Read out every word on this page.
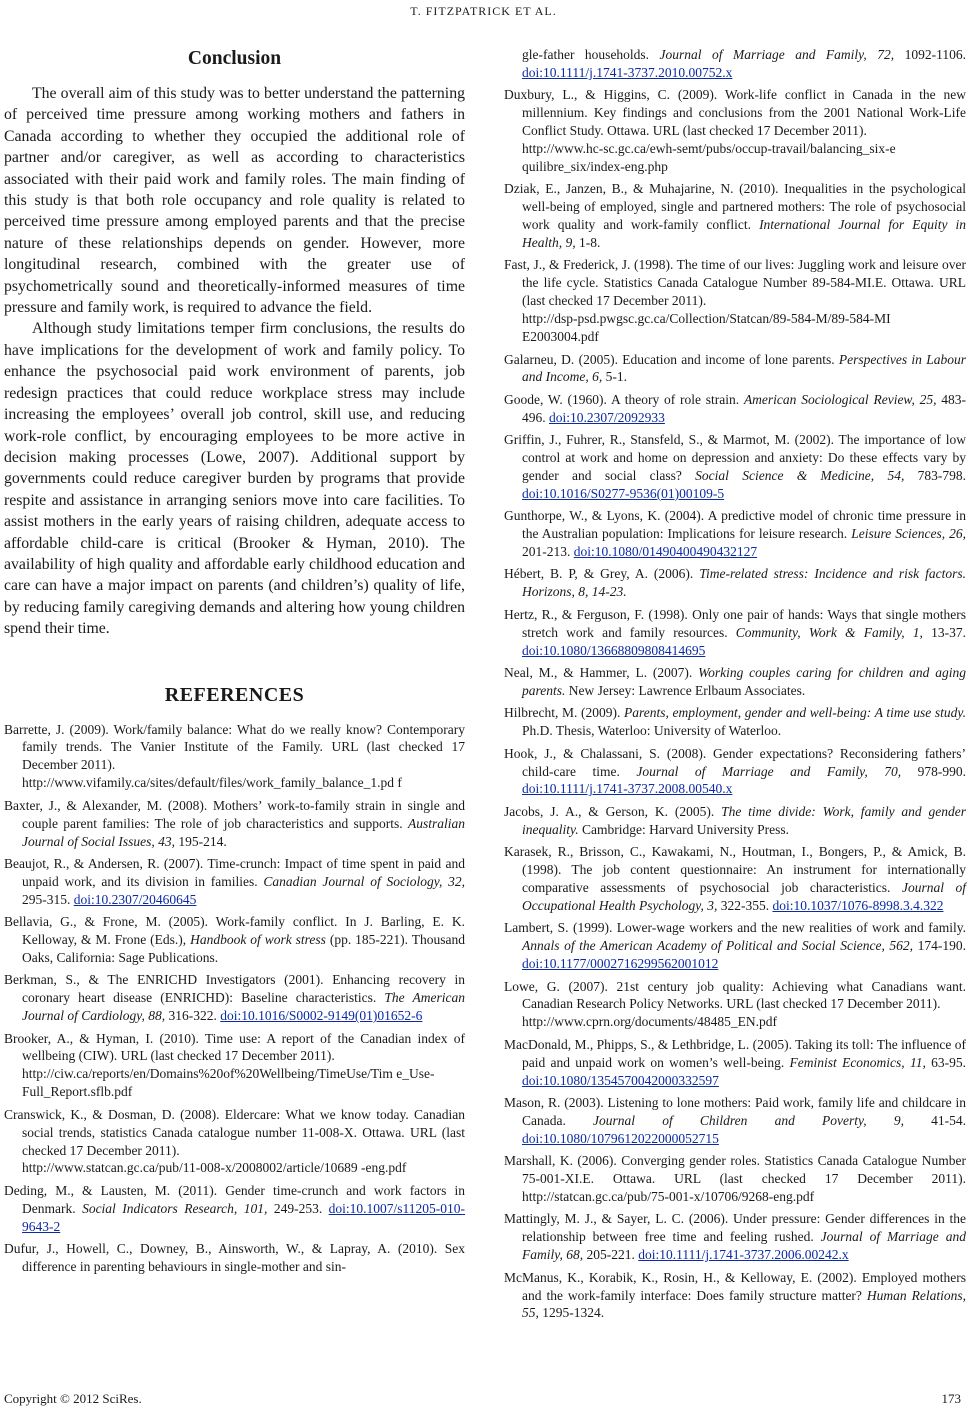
T. FITZPATRICK ET AL.
Conclusion

The overall aim of this study was to better understand the patterning of perceived time pressure among working mothers and fathers in Canada according to whether they occupied the additional role of partner and/or caregiver, as well as according to characteristics associated with their paid work and family roles. The main finding of this study is that both role occupancy and role quality is related to perceived time pressure among employed parents and that the precise nature of these relationships depends on gender. However, more longitudinal research, combined with the greater use of psychometrically sound and theoretically-informed measures of time pressure and family work, is required to advance the field.

Although study limitations temper firm conclusions, the results do have implications for the development of work and family policy. To enhance the psychosocial paid work environment of parents, job redesign practices that could reduce workplace stress may include increasing the employees’ overall job control, skill use, and reducing work-role conflict, by encouraging employees to be more active in decision making processes (Lowe, 2007). Additional support by governments could reduce caregiver burden by programs that provide respite and assistance in arranging seniors move into care facilities. To assist mothers in the early years of raising children, adequate access to affordable child-care is critical (Brooker & Hyman, 2010). The availability of high quality and affordable early childhood education and care can have a major impact on parents (and children’s) quality of life, by reducing family caregiving demands and altering how young children spend their time.

REFERENCES

Barrette, J. (2009). Work/family balance: What do we really know? Contemporary family trends. The Vanier Institute of the Family. URL (last checked 17 December 2011).
http://www.vifamily.ca/sites/default/files/work_family_balance_1.pd f

Baxter, J., & Alexander, M. (2008). Mothers’ work-to-family strain in single and couple parent families: The role of job characteristics and supports. Australian Journal of Social Issues, 43, 195-214.

Beaujot, R., & Andersen, R. (2007). Time-crunch: Impact of time spent in paid and unpaid work, and its division in families. Canadian Journal of Sociology, 32, 295-315. doi:10.2307/20460645

Bellavia, G., & Frone, M. (2005). Work-family conflict. In J. Barling, E. K. Kelloway, & M. Frone (Eds.), Handbook of work stress (pp. 185-221). Thousand Oaks, California: Sage Publications.

Berkman, S., & The ENRICHD Investigators (2001). Enhancing recovery in coronary heart disease (ENRICHD): Baseline characteristics. The American Journal of Cardiology, 88, 316-322. doi:10.1016/S0002-9149(01)01652-6

Brooker, A., & Hyman, I. (2010). Time use: A report of the Canadian index of wellbeing (CIW). URL (last checked 17 December 2011).
http://ciw.ca/reports/en/Domains%20of%20Wellbeing/TimeUse/Tim e_Use-Full_Report.sflb.pdf

Cranswick, K., & Dosman, D. (2008). Eldercare: What we know today. Canadian social trends, statistics Canada catalogue number 11-008-X. Ottawa. URL (last checked 17 December 2011).
http://www.statcan.gc.ca/pub/11-008-x/2008002/article/10689 -eng.pdf

Deding, M., & Lausten, M. (2011). Gender time-crunch and work factors in Denmark. Social Indicators Research, 101, 249-253. doi:10.1007/s11205-010-9643-2

Dufur, J., Howell, C., Downey, B., Ainsworth, W., & Lapray, A. (2010). Sex difference in parenting behaviours in single-mother and sin-

gle-father households. Journal of Marriage and Family, 72, 1092-1106. doi:10.1111/j.1741-3737.2010.00752.x

Duxbury, L., & Higgins, C. (2009). Work-life conflict in Canada in the new millennium. Key findings and conclusions from the 2001 National Work-Life Conflict Study. Ottawa. URL (last checked 17 December 2011).
http://www.hc-sc.gc.ca/ewh-semt/pubs/occup-travail/balancing_six-e quilibre_six/index-eng.php

Dziak, E., Janzen, B., & Muhajarine, N. (2010). Inequalities in the psychological well-being of employed, single and partnered mothers: The role of psychosocial work quality and work-family conflict. International Journal for Equity in Health, 9, 1-8.

Fast, J., & Frederick, J. (1998). The time of our lives: Juggling work and leisure over the life cycle. Statistics Canada Catalogue Number 89-584-MI.E. Ottawa. URL (last checked 17 December 2011).
http://dsp-psd.pwgsc.gc.ca/Collection/Statcan/89-584-M/89-584-MI E2003004.pdf

Galarneu, D. (2005). Education and income of lone parents. Perspectives in Labour and Income, 6, 5-1.

Goode, W. (1960). A theory of role strain. American Sociological Review, 25, 483-496. doi:10.2307/2092933

Griffin, J., Fuhrer, R., Stansfeld, S., & Marmot, M. (2002). The importance of low control at work and home on depression and anxiety: Do these effects vary by gender and social class? Social Science & Medicine, 54, 783-798. doi:10.1016/S0277-9536(01)00109-5

Gunthorpe, W., & Lyons, K. (2004). A predictive model of chronic time pressure in the Australian population: Implications for leisure research. Leisure Sciences, 26, 201-213. doi:10.1080/01490400490432127

Hébert, B. P, & Grey, A. (2006). Time-related stress: Incidence and risk factors. Horizons, 8, 14-23.

Hertz, R., & Ferguson, F. (1998). Only one pair of hands: Ways that single mothers stretch work and family resources. Community, Work & Family, 1, 13-37. doi:10.1080/13668809808414695

Neal, M., & Hammer, L. (2007). Working couples caring for children and aging parents. New Jersey: Lawrence Erlbaum Associates.

Hilbrecht, M. (2009). Parents, employment, gender and well-being: A time use study. Ph.D. Thesis, Waterloo: University of Waterloo.

Hook, J., & Chalassani, S. (2008). Gender expectations? Reconsidering fathers’ child-care time. Journal of Marriage and Family, 70, 978-990. doi:10.1111/j.1741-3737.2008.00540.x

Jacobs, J. A., & Gerson, K. (2005). The time divide: Work, family and gender inequality. Cambridge: Harvard University Press.

Karasek, R., Brisson, C., Kawakami, N., Houtman, I., Bongers, P., & Amick, B. (1998). The job content questionnaire: An instrument for internationally comparative assessments of psychosocial job characteristics. Journal of Occupational Health Psychology, 3, 322-355. doi:10.1037/1076-8998.3.4.322

Lambert, S. (1999). Lower-wage workers and the new realities of work and family. Annals of the American Academy of Political and Social Science, 562, 174-190. doi:10.1177/0002716299562001012

Lowe, G. (2007). 21st century job quality: Achieving what Canadians want. Canadian Research Policy Networks. URL (last checked 17 December 2011).
http://www.cprn.org/documents/48485_EN.pdf

MacDonald, M., Phipps, S., & Lethbridge, L. (2005). Taking its toll: The influence of paid and unpaid work on women’s well-being. Feminist Economics, 11, 63-95. doi:10.1080/1354570042000332597

Mason, R. (2003). Listening to lone mothers: Paid work, family life and childcare in Canada. Journal of Children and Poverty, 9, 41-54. doi:10.1080/1079612022000052715

Marshall, K. (2006). Converging gender roles. Statistics Canada Catalogue Number 75-001-XI.E. Ottawa. URL (last checked 17 December 2011). http://statcan.gc.ca/pub/75-001-x/10706/9268-eng.pdf

Mattingly, M. J., & Sayer, L. C. (2006). Under pressure: Gender differences in the relationship between free time and feeling rushed. Journal of Marriage and Family, 68, 205-221. doi:10.1111/j.1741-3737.2006.00242.x

McManus, K., Korabik, K., Rosin, H., & Kelloway, E. (2002). Employed mothers and the work-family interface: Does family structure matter? Human Relations, 55, 1295-1324.

Copyright © 2012 SciRes.	173
